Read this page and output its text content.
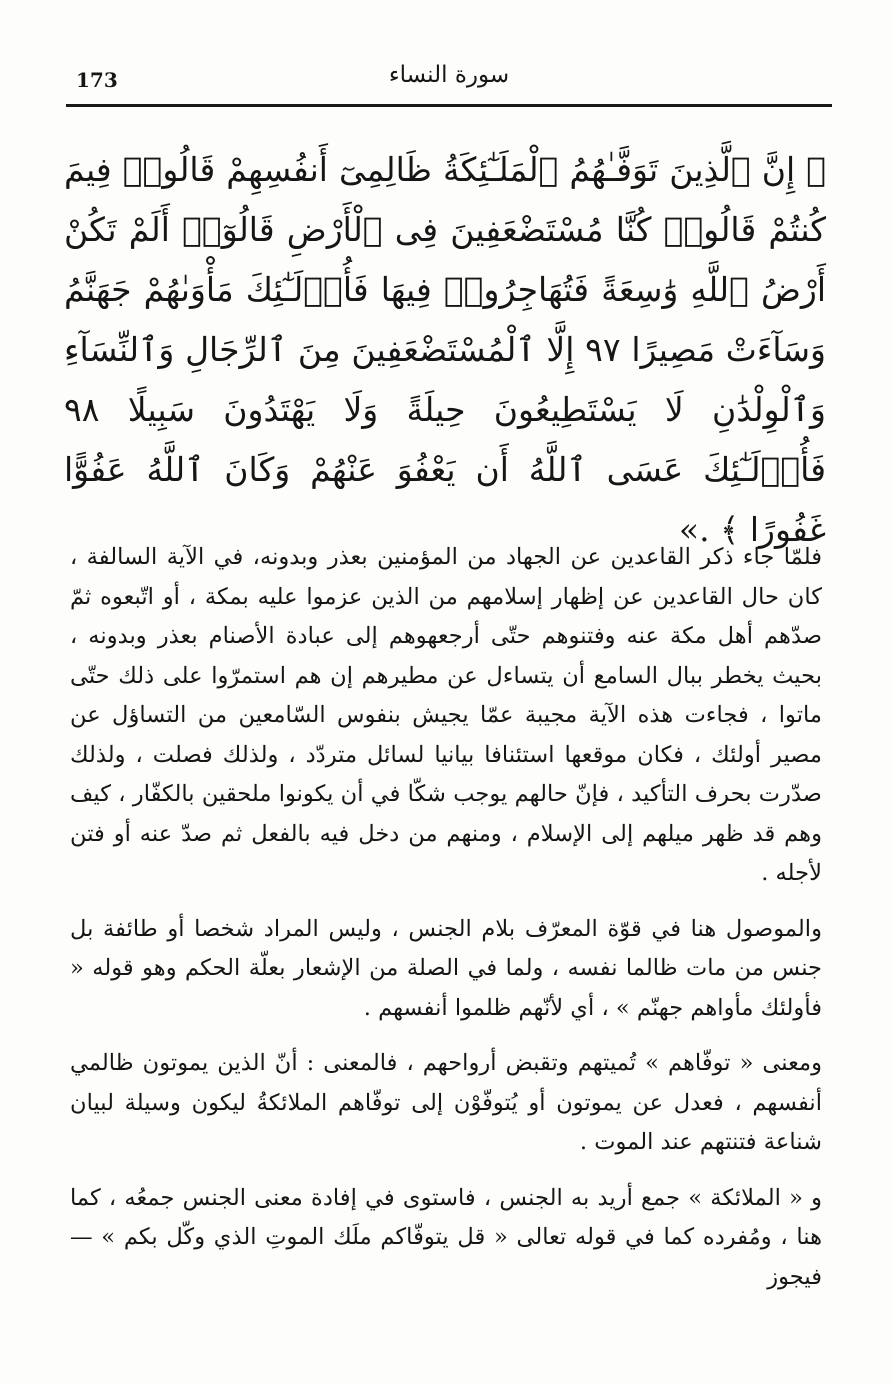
173	سورة النساء
﴿ إِنَّ ٱلَّذِينَ تَوَفَّـٰهُمُ ٱلْمَلَـٰٓئِكَةُ ظَالِمِىٓ أَنفُسِهِمْ قَالُوا۟ فِيمَ كُنتُمْ قَالُوا۟ كُنَّا مُسْتَضْعَفِينَ فِى ٱلْأَرْضِ قَالُوٓا۟ أَلَمْ تَكُنْ أَرْضُ ٱللَّهِ وَٰسِعَةً فَتُهَاجِرُوا۟ فِيهَا فَأُو۟لَـٰٓئِكَ مَأْوَىٰهُمْ جَهَنَّمُ وَسَآءَتْ مَصِيرًا ٩٧ إِلَّا ٱلْمُسْتَضْعَفِينَ مِنَ ٱلرِّجَالِ وَٱلنِّسَآءِ وَٱلْوِلْدَٰنِ لَا يَسْتَطِيعُونَ حِيلَةً وَلَا يَهْتَدُونَ سَبِيلًا ٩٨ فَأُو۟لَـٰٓئِكَ عَسَى ٱللَّهُ أَن يَعْفُوَ عَنْهُمْ وَكَانَ ٱللَّهُ عَفُوًّا غَفُورًا ﴾ .»

فلمّا جاء ذكر القاعدين عن الجهاد من المؤمنين بعذر وبدونه، في الآية السالفة ، كان حال القاعدين عن إظهار إسلامهم من الذين عزموا عليه بمكة ، أو اتّبعوه ثمّ صدّهم أهل مكة عنه وفتنوهم حتّى أرجعهوهم إلى عبادة الأصنام بعذر وبدونه ، بحيث يخطر ببال السامع أن يتساءل عن مطيرهم إن هم استمرّوا على ذلك حتّى ماتوا ، فجاءت هذه الآية مجيبة عمّا يجيش بنفوس السّامعين من التساؤل عن مصير أولئك ، فكان موقعها استئنافا بيانيا لسائل متردّد ، ولذلك فصلت ، ولذلك صدّرت بحرف التأكيد ، فإنّ حالهم يوجب شكّا في أن يكونوا ملحقين بالكفّار ، كيف وهم قد ظهر ميلهم إلى الإسلام ، ومنهم من دخل فيه بالفعل ثم صدّ عنه أو فتن لأجله .

والموصول هنا في قوّة المعرّف بلام الجنس ، وليس المراد شخصا أو طائفة بل جنس من مات ظالما نفسه ، ولما في الصلة من الإشعار بعلّة الحكم وهو قوله « فأولئك مأواهم جهنّم » ، أي لأنّهم ظلموا أنفسهم .

ومعنى « توفّاهم » تُميتهم وتقبض أرواحهم ، فالمعنى : أنّ الذين يموتون ظالمي أنفسهم ، فعدل عن يموتون أو يُتوفّوْن إلى توفّاهم الملائكةُ ليكون وسيلة لبيان شناعة فتنتهم عند الموت .

و « الملائكة » جمع أريد به الجنس ، فاستوى في إفادة معنى الجنس جمعُه ، كما هنا ، ومُفرده كما في قوله تعالى « قل يتوفّاكم ملَك الموتِ الذي وكّل بكم » — فيجوز
